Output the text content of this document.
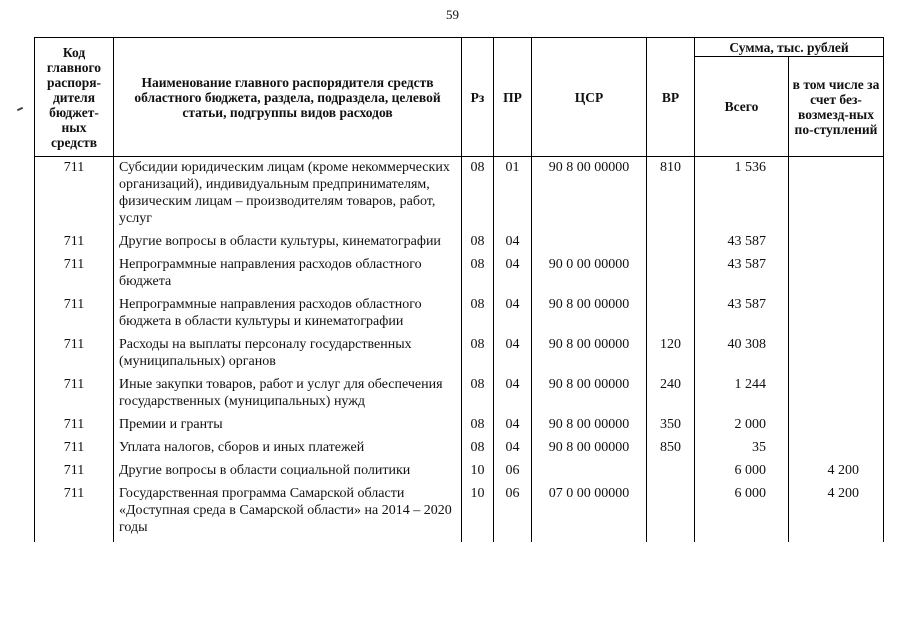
59
Код главного распоря-дителя бюджет-ных средств	Наименование главного распорядителя средств областного бюджета, раздела, подраздела, целевой статьи, подгруппы видов расходов	Рз	ПР	ЦСР	ВР	Сумма, тыс. рублей	
						Всего	в том числе за счет без-возмезд-ных по-ступлений
711	Субсидии юридическим лицам (кроме некоммерческих организаций), индивидуальным предпринимателям, физическим лицам – производителям товаров, работ, услуг	08	01	90 8 00 00000	810	1 536	
711	Другие вопросы в области культуры, кинематографии	08	04			43 587	
711	Непрограммные направления расходов областного бюджета	08	04	90 0 00 00000		43 587	
711	Непрограммные направления расходов областного бюджета в области культуры и кинематографии	08	04	90 8 00 00000		43 587	
711	Расходы на выплаты персоналу государственных (муниципальных) органов	08	04	90 8 00 00000	120	40 308	
711	Иные закупки товаров, работ и услуг для обеспечения государственных (муниципальных) нужд	08	04	90 8 00 00000	240	1 244	
711	Премии и гранты	08	04	90 8 00 00000	350	2 000	
711	Уплата налогов, сборов и иных платежей	08	04	90 8 00 00000	850	35	
711	Другие вопросы в области социальной политики	10	06			6 000	4 200
711	Государственная программа Самарской области «Доступная среда в Самарской области» на 2014 – 2020 годы	10	06	07 0 00 00000		6 000	4 200
